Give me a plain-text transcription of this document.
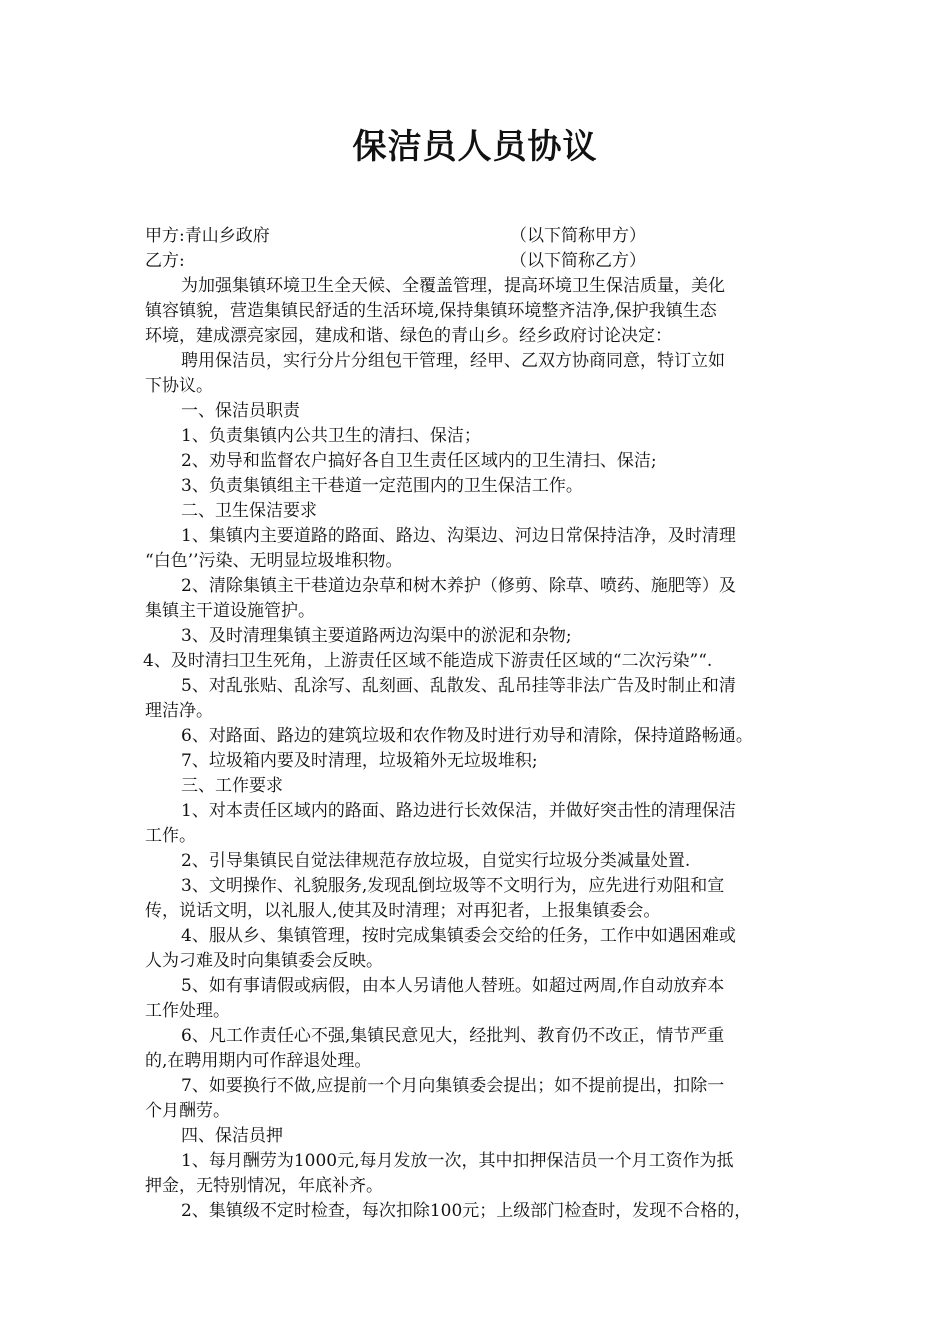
保洁员人员协议
甲方:青山乡政府	（以下简称甲方）
乙方:	（以下简称乙方）
为加强集镇环境卫生全天候、全覆盖管理，提高环境卫生保洁质量，美化
镇容镇貌，营造集镇民舒适的生活环境,保持集镇环境整齐洁净,保护我镇生态
环境，建成漂亮家园，建成和谐、绿色的青山乡。经乡政府讨论决定：
聘用保洁员，实行分片分组包干管理，经甲、乙双方协商同意，特订立如
下协议。
一、保洁员职责
1、负责集镇内公共卫生的清扫、保洁；
2、劝导和监督农户搞好各自卫生责任区域内的卫生清扫、保洁;
3、负责集镇组主干巷道一定范围内的卫生保洁工作。
二、卫生保洁要求
1、集镇内主要道路的路面、路边、沟渠边、河边日常保持洁净，及时清理
“白色’’污染、无明显垃圾堆积物。
2、清除集镇主干巷道边杂草和树木养护（修剪、除草、喷药、施肥等）及
集镇主干道设施管护。
3、及时清理集镇主要道路两边沟渠中的淤泥和杂物;
4、及时清扫卫生死角，上游责任区域不能造成下游责任区域的“二次污染”“.
5、对乱张贴、乱涂写、乱刻画、乱散发、乱吊挂等非法广告及时制止和清
理洁净。
6、对路面、路边的建筑垃圾和农作物及时进行劝导和清除，保持道路畅通。
7、垃圾箱内要及时清理，垃圾箱外无垃圾堆积;
三、工作要求
1、对本责任区域内的路面、路边进行长效保洁，并做好突击性的清理保洁
工作。
2、引导集镇民自觉法律规范存放垃圾，自觉实行垃圾分类减量处置.
3、文明操作、礼貌服务,发现乱倒垃圾等不文明行为，应先进行劝阻和宣
传，说话文明，以礼服人,使其及时清理；对再犯者，上报集镇委会。
4、服从乡、集镇管理，按时完成集镇委会交给的任务，工作中如遇困难或
人为刁难及时向集镇委会反映。
5、如有事请假或病假，由本人另请他人替班。如超过两周,作自动放弃本
工作处理。
6、凡工作责任心不强,集镇民意见大，经批判、教育仍不改正，情节严重
的,在聘用期内可作辞退处理。
7、如要换行不做,应提前一个月向集镇委会提出；如不提前提出，扣除一
个月酬劳。
四、保洁员押
1、每月酬劳为1000元,每月发放一次，其中扣押保洁员一个月工资作为抵
押金，无特别情况，年底补齐。
2、集镇级不定时检查，每次扣除100元；上级部门检查时，发现不合格的，
